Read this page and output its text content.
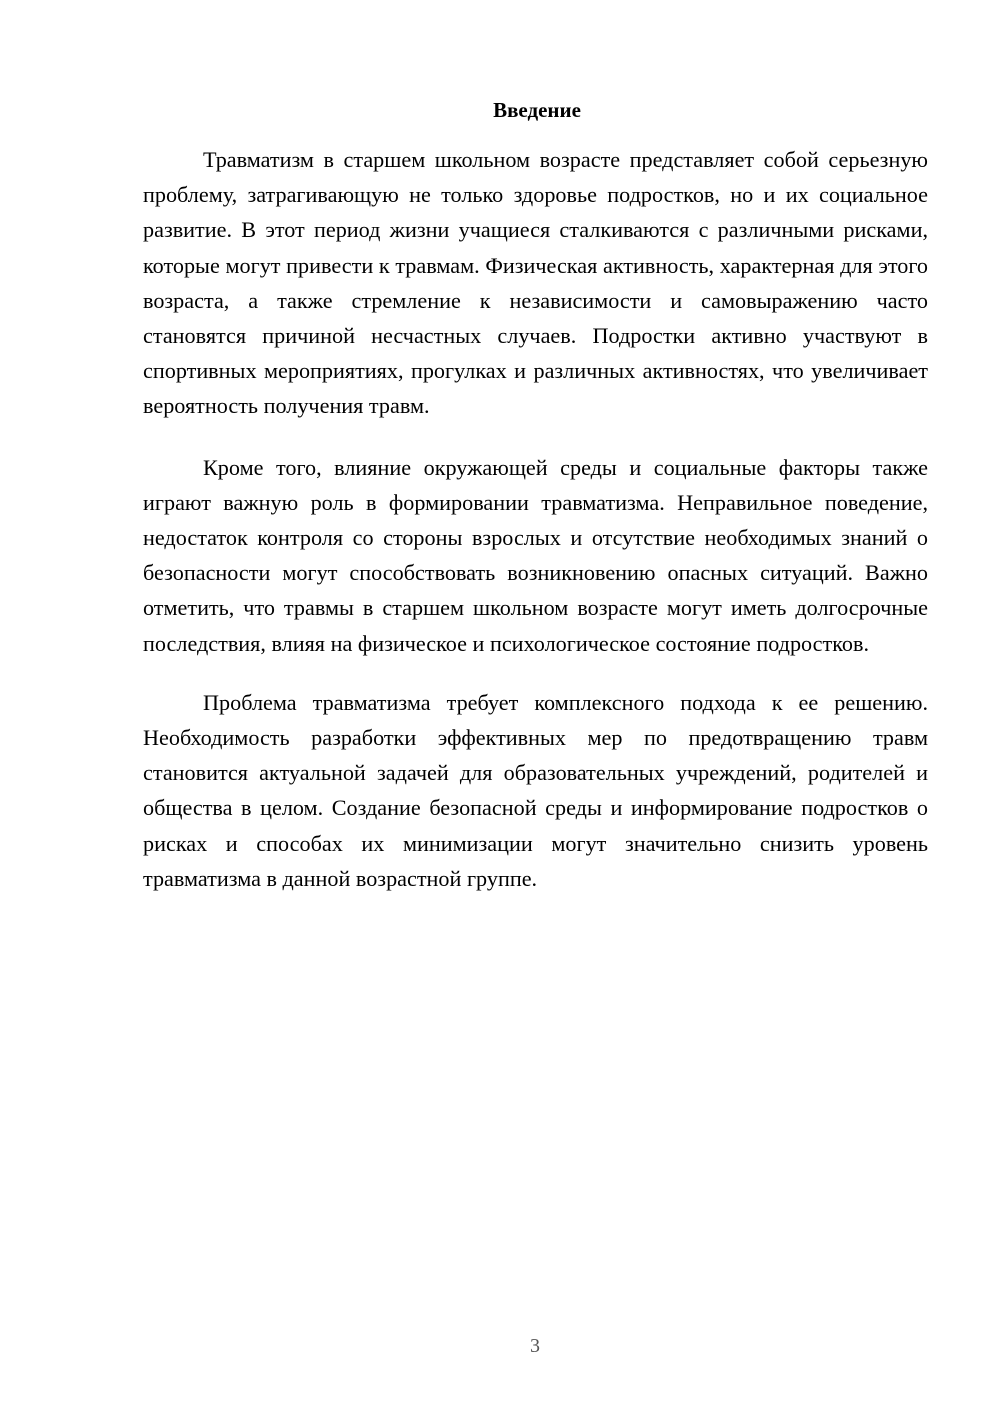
Введение

Травматизм в старшем школьном возрасте представляет собой серьезную проблему, затрагивающую не только здоровье подростков, но и их социальное развитие. В этот период жизни учащиеся сталкиваются с различными рисками, которые могут привести к травмам. Физическая активность, характерная для этого возраста, а также стремление к независимости и самовыражению часто становятся причиной несчастных случаев. Подростки активно участвуют в спортивных мероприятиях, прогулках и различных активностях, что увеличивает вероятность получения травм.

Кроме того, влияние окружающей среды и социальные факторы также играют важную роль в формировании травматизма. Неправильное поведение, недостаток контроля со стороны взрослых и отсутствие необходимых знаний о безопасности могут способствовать возникновению опасных ситуаций. Важно отметить, что травмы в старшем школьном возрасте могут иметь долгосрочные последствия, влияя на физическое и психологическое состояние подростков.

Проблема травматизма требует комплексного подхода к ее решению. Необходимость разработки эффективных мер по предотвращению травм становится актуальной задачей для образовательных учреждений, родителей и общества в целом. Создание безопасной среды и информирование подростков о рисках и способах их минимизации могут значительно снизить уровень травматизма в данной возрастной группе.

3
